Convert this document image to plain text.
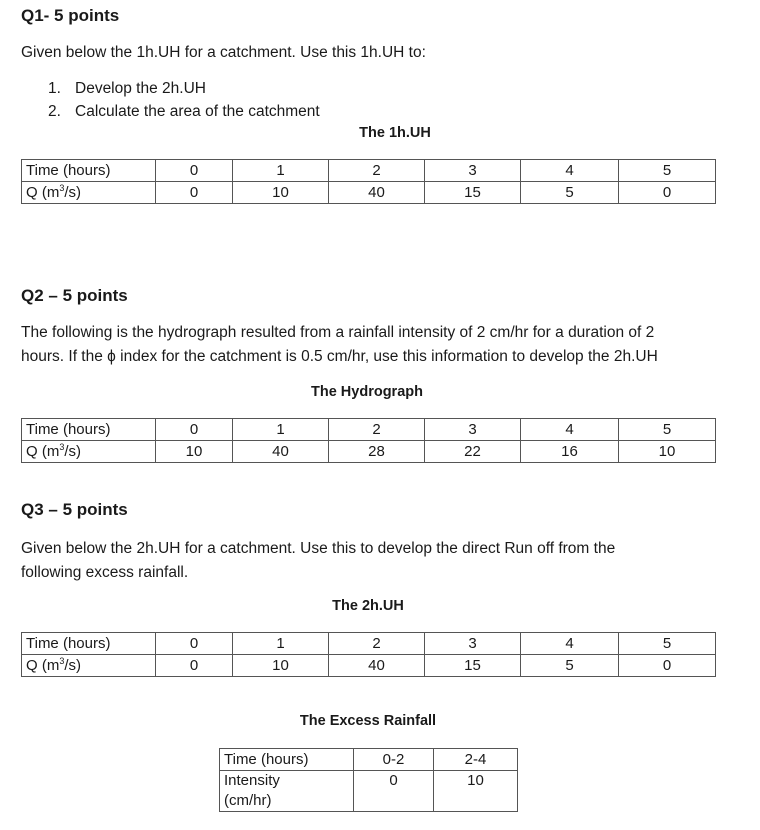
Q1- 5 points

Given below the 1h.UH for a catchment. Use this 1h.UH to:

1. Develop the 2h.UH
2. Calculate the area of the catchment
The 1h.UH
Time (hours)	0	1	2	3	4	5
Q $(m^3/s)$	0	10	40	15	5	0
Q2 – 5 points

The following is the hydrograph resulted from a rainfall intensity of 2 cm/hr for a duration of 2
hours. If the ϕ index for the catchment is 0.5 cm/hr, use this information to develop the 2h.UH

The Hydrograph
Time (hours)	0	1	2	3	4	5
Q $(m^3/s)$	10	40	28	22	16	10
Q3 – 5 points

Given below the 2h.UH for a catchment. Use this to develop the direct Run off from the
following excess rainfall.

The 2h.UH
Time (hours)	0	1	2	3	4	5
Q $(m^3/s)$	0	10	40	15	5	0
The Excess Rainfall
Time (hours)	0-2	2-4
Intensity
(cm/hr)	0	10
